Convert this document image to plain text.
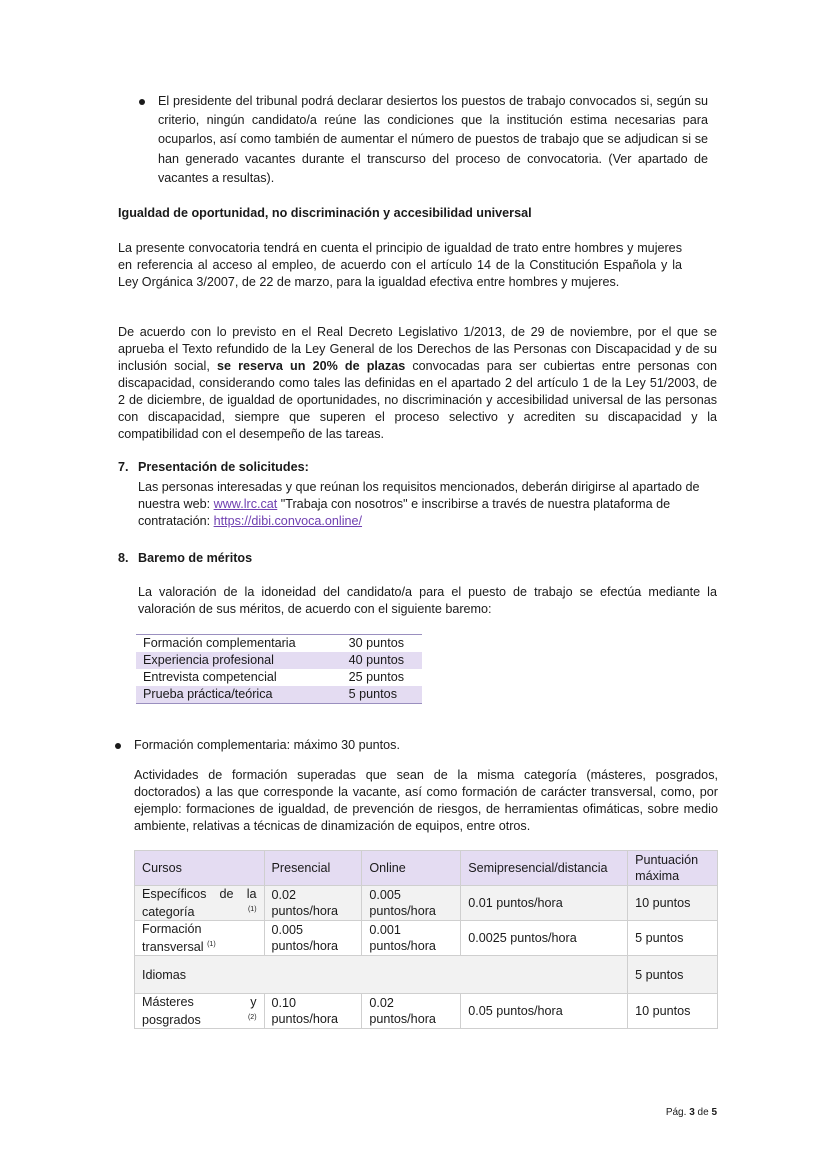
El presidente del tribunal podrá declarar desiertos los puestos de trabajo convocados si, según su criterio, ningún candidato/a reúne las condiciones que la institución estima necesarias para ocuparlos, así como también de aumentar el número de puestos de trabajo que se adjudican si se han generado vacantes durante el transcurso del proceso de convocatoria. (Ver apartado de vacantes a resultas).

Igualdad de oportunidad, no discriminación y accesibilidad universal

La presente convocatoria tendrá en cuenta el principio de igualdad de trato entre hombres y mujeres en referencia al acceso al empleo, de acuerdo con el artículo 14 de la Constitución Española y la Ley Orgánica 3/2007, de 22 de marzo, para la igualdad efectiva entre hombres y mujeres.

De acuerdo con lo previsto en el Real Decreto Legislativo 1/2013, de 29 de noviembre, por el que se aprueba el Texto refundido de la Ley General de los Derechos de las Personas con Discapacidad y de su inclusión social, se reserva un 20% de plazas convocadas para ser cubiertas entre personas con discapacidad, considerando como tales las definidas en el apartado 2 del artículo 1 de la Ley 51/2003, de 2 de diciembre, de igualdad de oportunidades, no discriminación y accesibilidad universal de las personas con discapacidad, siempre que superen el proceso selectivo y acrediten su discapacidad y la compatibilidad con el desempeño de las tareas.

7. Presentación de solicitudes:

Las personas interesadas y que reúnan los requisitos mencionados, deberán dirigirse al apartado de nuestra web: www.lrc.cat "Trabaja con nosotros" e inscribirse a través de nuestra plataforma de contratación: https://dibi.convoca.online/

8. Baremo de méritos

La valoración de la idoneidad del candidato/a para el puesto de trabajo se efectúa mediante la valoración de sus méritos, de acuerdo con el siguiente baremo:

Formación complementaria	30 puntos
Experiencia profesional	40 puntos
Entrevista competencial	25 puntos
Prueba práctica/teórica	5 puntos

Formación complementaria: máximo 30 puntos.

Actividades de formación superadas que sean de la misma categoría (másteres, posgrados, doctorados) a las que corresponde la vacante, así como formación de carácter transversal, como, por ejemplo: formaciones de igualdad, de prevención de riesgos, de herramientas ofimáticas, sobre medio ambiente, relativas a técnicas de dinamización de equipos, entre otros.

Cursos	Presencial	Online	Semipresencial/distancia	Puntuación máxima
Específicos de la categoría $^{(1)}$	0.02 puntos/hora	0.005 puntos/hora	0.01 puntos/hora	10 puntos
Formación transversal $^{(1)}$	0.005 puntos/hora	0.001 puntos/hora	0.0025 puntos/hora	5 puntos
Idiomas				5 puntos
Másteres y posgrados $^{(2)}$	0.10 puntos/hora	0.02 puntos/hora	0.05 puntos/hora	10 puntos

Pág. 3 de 5
